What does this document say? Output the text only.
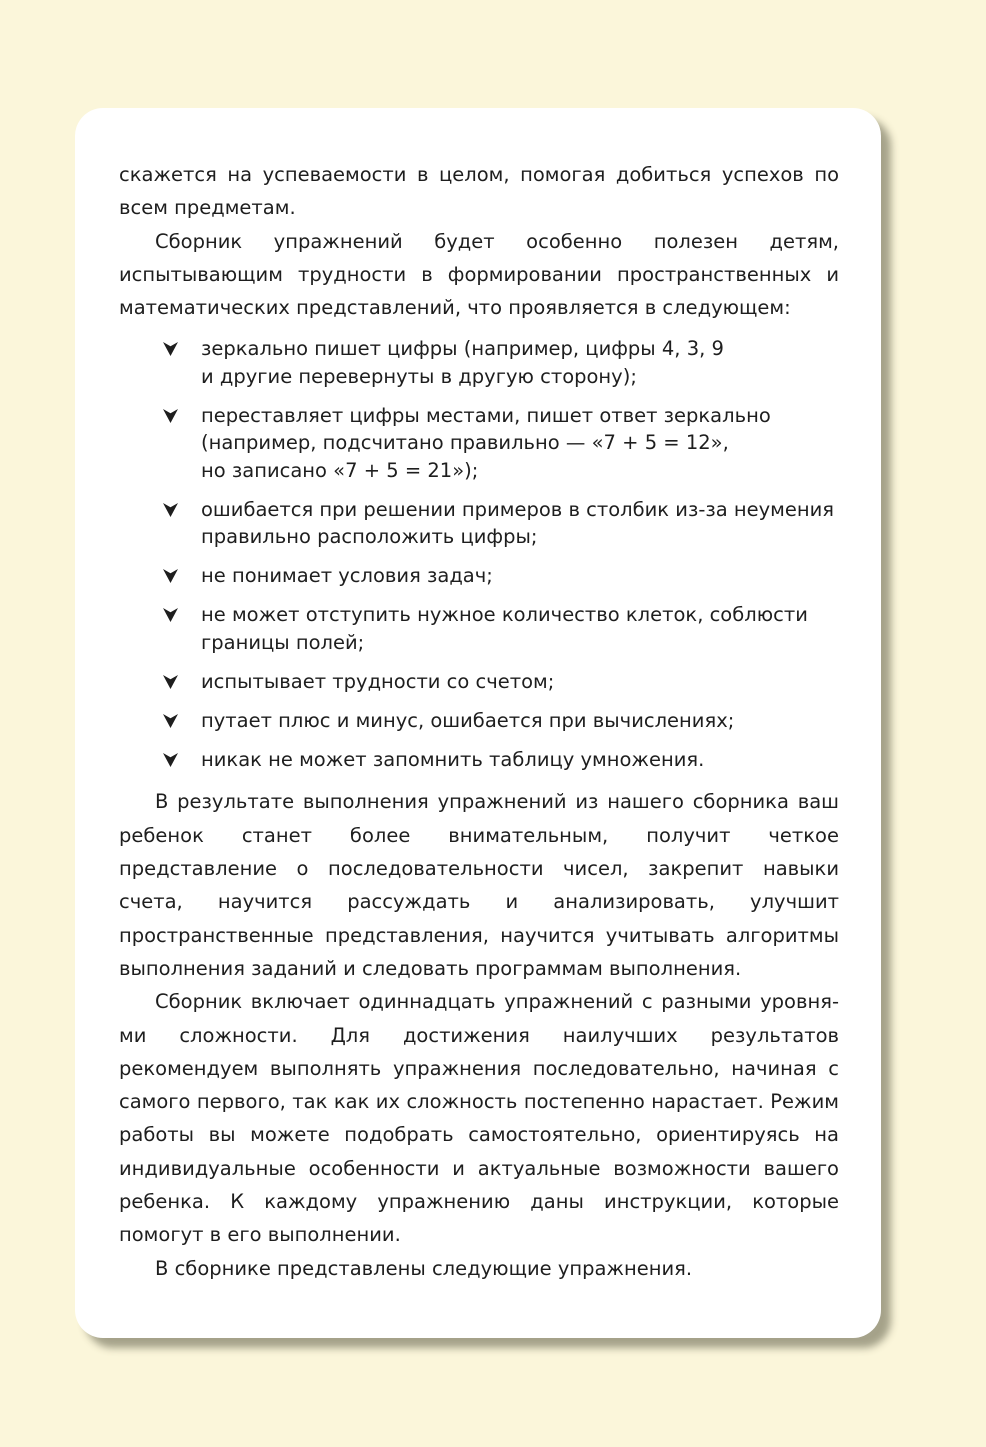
скажется на успеваемости в целом, помогая добиться успехов по всем предметам.

Сборник упражнений будет особенно полезен детям, испытывающим трудности в формировании пространственных и математических представлений, что проявляется в следующем:

зеркально пишет цифры (например, цифры 4, 3, 9
и другие перевернуты в другую сторону);
переставляет цифры местами, пишет ответ зеркально
(например, подсчитано правильно — «7 + 5 = 12»,
но записано «7 + 5 = 21»);
ошибается при решении примеров в столбик из-за неумения
правильно расположить цифры;
не понимает условия задач;
не может отступить нужное количество клеток, соблюсти
границы полей;
испытывает трудности со счетом;
путает плюс и минус, ошибается при вычислениях;
никак не может запомнить таблицу умножения.

В результате выполнения упражнений из нашего сборника ваш ребенок станет более внимательным, получит четкое представление о последовательности чисел, закрепит навыки счета, научится рассуждать и анализировать, улучшит пространственные представления, научится учитывать алгоритмы выполнения заданий и следовать программам выполнения.

Сборник включает одиннадцать упражнений с разными уровнями сложности. Для достижения наилучших результатов рекомендуем выполнять упражнения последовательно, начиная с самого первого, так как их сложность постепенно нарастает. Режим работы вы можете подобрать самостоятельно, ориентируясь на индивидуальные особенности и актуальные возможности вашего ребенка. К каждому упражнению даны инструкции, которые помогут в его выполнении.

В сборнике представлены следующие упражнения.
